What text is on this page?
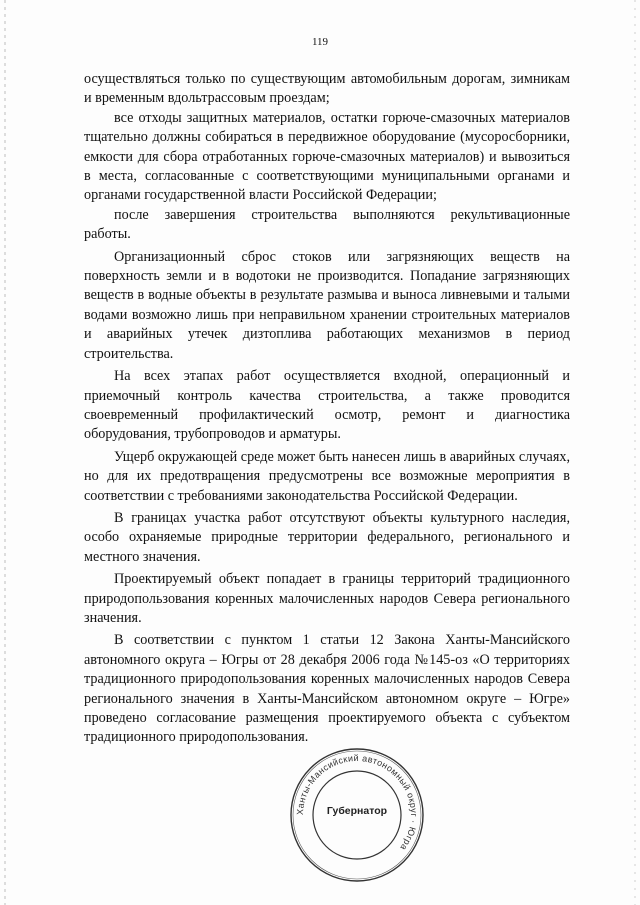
119

осуществляться только по существующим автомобильным дорогам, зимникам и временным вдольтрассовым проездам;

все отходы защитных материалов, остатки горюче-смазочных материалов тщательно должны собираться в передвижное оборудование (мусоросборники, емкости для сбора отработанных горюче-смазочных материалов) и вывозиться в места, согласованные с соответствующими муниципальными органами и органами государственной власти Российской Федерации;

после завершения строительства выполняются рекультивационные работы.

Организационный сброс стоков или загрязняющих веществ на поверхность земли и в водотоки не производится. Попадание загрязняющих веществ в водные объекты в результате размыва и выноса ливневыми и талыми водами возможно лишь при неправильном хранении строительных материалов и аварийных утечек дизтоплива работающих механизмов в период строительства.

На всех этапах работ осуществляется входной, операционный и приемочный контроль качества строительства, а также проводится своевременный профилактический осмотр, ремонт и диагностика оборудования, трубопроводов и арматуры.

Ущерб окружающей среде может быть нанесен лишь в аварийных случаях, но для их предотвращения предусмотрены все возможные мероприятия в соответствии с требованиями законодательства Российской Федерации.

В границах участка работ отсутствуют объекты культурного наследия, особо охраняемые природные территории федерального, регионального и местного значения.

Проектируемый объект попадает в границы территорий традиционного природопользования коренных малочисленных народов Севера регионального значения.

В соответствии с пунктом 1 статьи 12 Закона Ханты-Мансийского автономного округа – Югры от 28 декабря 2006 года №145-оз «О территориях традиционного природопользования коренных малочисленных народов Севера регионального значения в Ханты-Мансийском автономном округе – Югре» проведено согласование размещения проектируемого объекта с субъектом традиционного природопользования.

Ханты-Мансийский автономный округ · Югра
Губернатор
